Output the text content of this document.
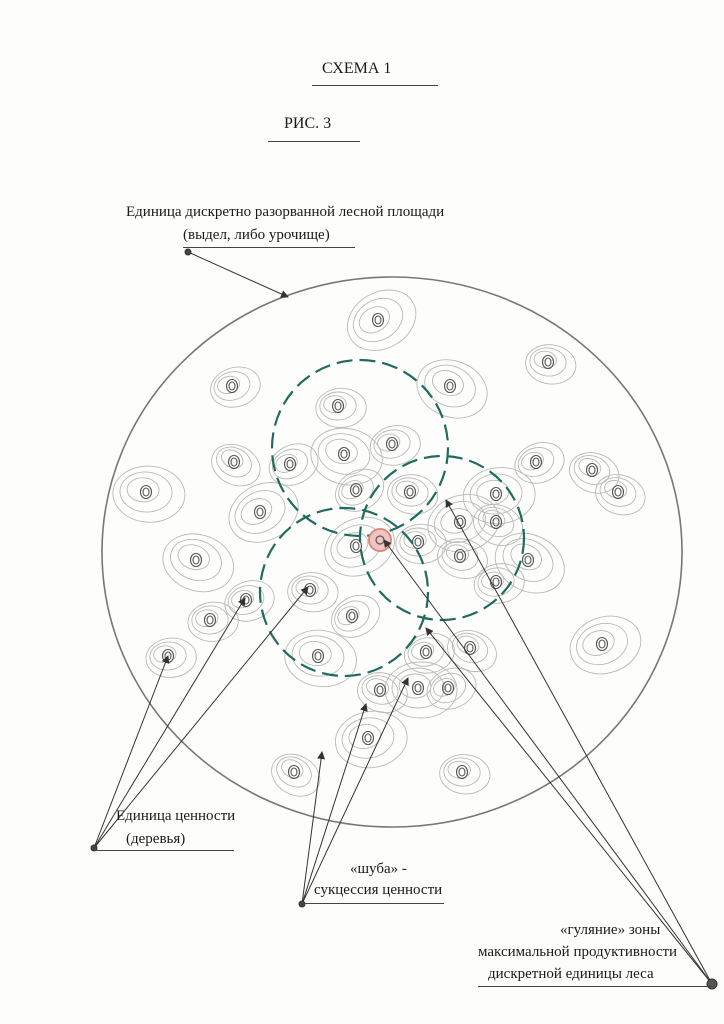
СХЕМА 1
РИС. 3
Единица дискретно разорванной лесной площади
(выдел, либо урочище)
Единица ценности
(деревья)
«шуба» -
сукцессия ценности
«гуляние» зоны
максимальной продуктивности
дискретной единицы леса
